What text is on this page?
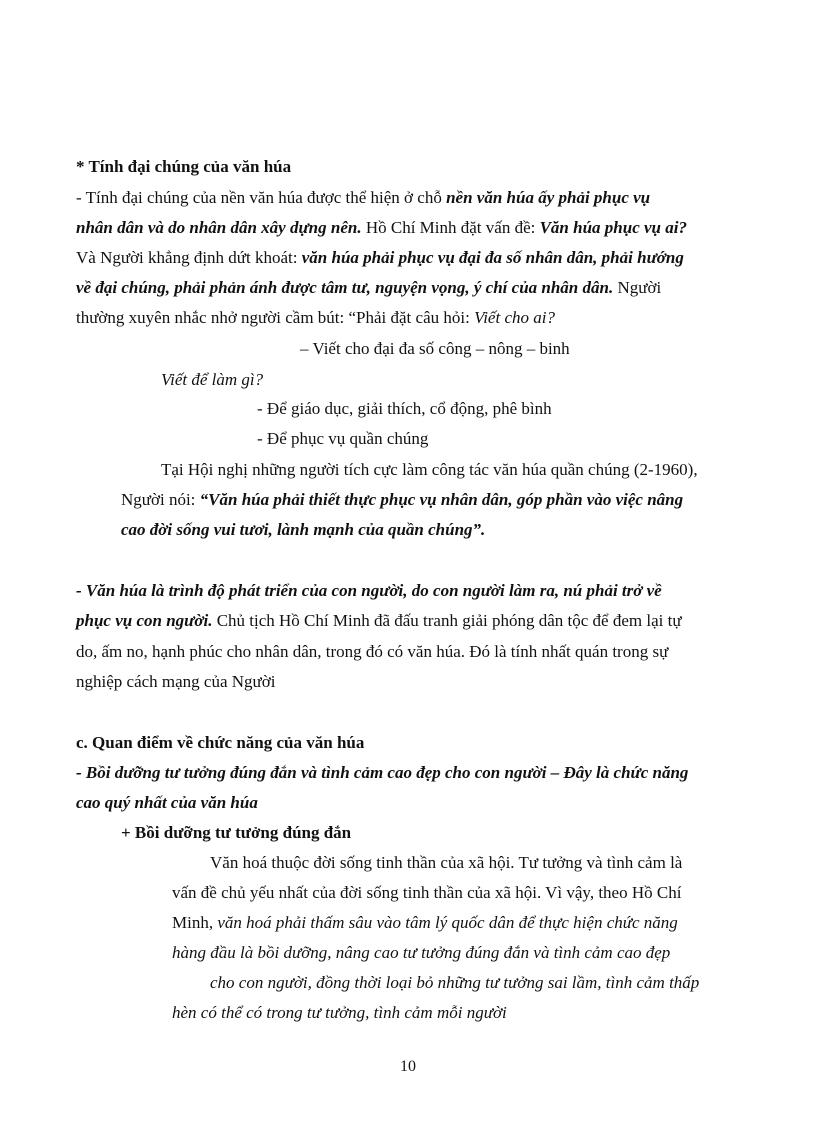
* Tính đại chúng của văn húa
- Tính đại chúng của nền văn húa được thể hiện ở chỗ nền văn húa ấy phải phục vụ
nhân dân và do nhân dân xây dựng nên. Hồ Chí Minh đặt vấn đề: Văn húa phục vụ ai?
Và Người khẳng định dứt khoát: văn húa phải phục vụ đại đa số nhân dân, phải hướng
về đại chúng, phải phản ánh được tâm tư, nguyện vọng, ý chí của nhân dân. Người
thường xuyên nhắc nhở người cầm bút: “Phải đặt câu hỏi: Viết cho ai?
– Viết cho đại đa số công – nông – binh
Viết để làm gì?
- Để giáo dục, giải thích, cổ động, phê bình
- Để phục vụ quần chúng
Tại Hội nghị những người tích cực làm công tác văn húa quần chúng (2-1960),
Người nói: “Văn húa phải thiết thực phục vụ nhân dân, góp phần vào việc nâng
cao đời sống vui tươi, lành mạnh của quần chúng”.
- Văn húa là trình độ phát triển của con người, do con người làm ra, nú phải trở về
phục vụ con người. Chủ tịch Hồ Chí Minh đã đấu tranh giải phóng dân tộc để đem lại tự
do, ấm no, hạnh phúc cho nhân dân, trong đó có văn húa. Đó là tính nhất quán trong sự
nghiệp cách mạng của Người
c. Quan điểm về chức năng của văn húa
- Bồi dưỡng tư tưởng đúng đắn và tình cảm cao đẹp cho con người – Đây là chức năng
cao quý nhất của văn húa
+ Bồi dưỡng tư tưởng đúng đắn
Văn hoá thuộc đời sống tinh thần của xã hội. Tư tưởng và tình cảm là
vấn đề chủ yếu nhất của đời sống tinh thần của xã hội. Vì vậy, theo Hồ Chí
Minh, văn hoá phải thấm sâu vào tâm lý quốc dân để thực hiện chức năng
hàng đầu là bồi dưỡng, nâng cao tư tưởng đúng đắn và tình cảm cao đẹp
cho con người, đồng thời loại bỏ những tư tưởng sai lầm, tình cảm thấp
hèn có thể có trong tư tưởng, tình cảm mỗi người
10
